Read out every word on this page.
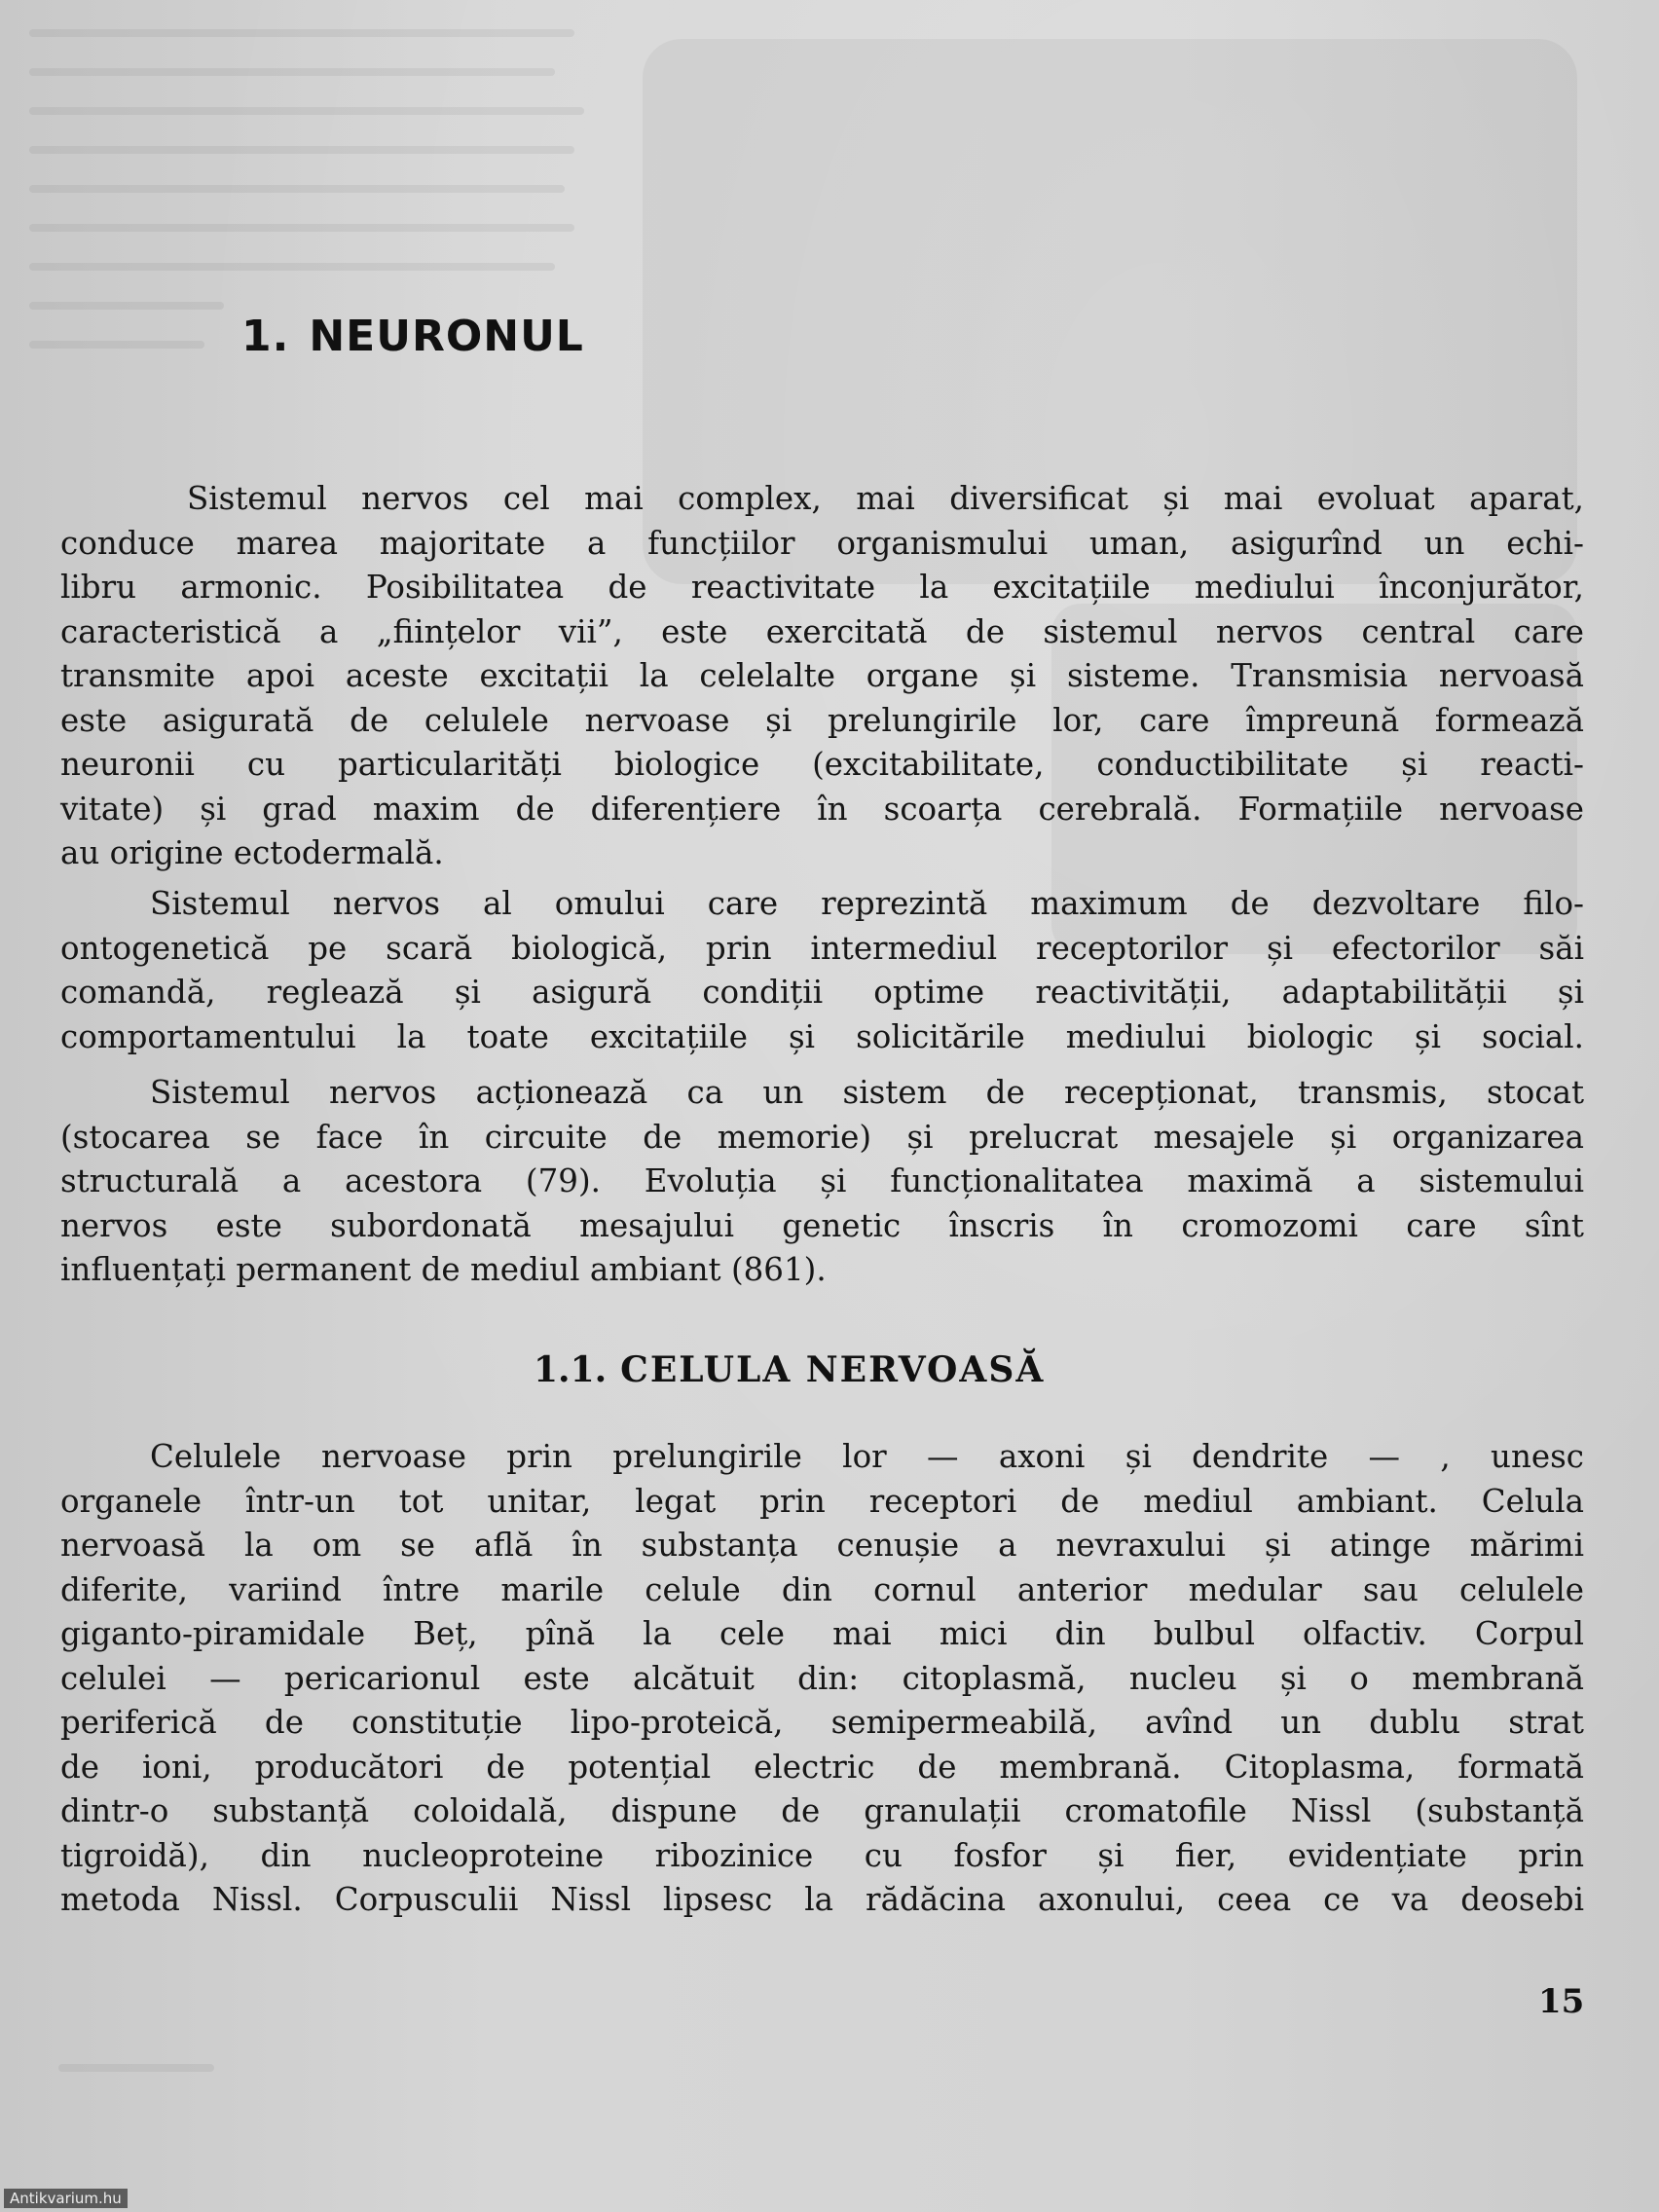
1. NEURONUL
Sistemul nervos cel mai complex, mai diversificat și mai evoluat aparat,
conduce marea majoritate a funcțiilor organismului uman, asigurînd un echi-
libru armonic. Posibilitatea de reactivitate la excitațiile mediului înconjurător,
caracteristică a „ființelor vii”, este exercitată de sistemul nervos central care
transmite apoi aceste excitații la celelalte organe și sisteme. Transmisia nervoasă
este asigurată de celulele nervoase și prelungirile lor, care împreună formează
neuronii cu particularități biologice (excitabilitate, conductibilitate și reacti-
vitate) și grad maxim de diferențiere în scoarța cerebrală. Formațiile nervoase
au origine ectodermală.
Sistemul nervos al omului care reprezintă maximum de dezvoltare filo-
ontogenetică pe scară biologică, prin intermediul receptorilor și efectorilor săi
comandă, reglează și asigură condiții optime reactivității, adaptabilității și
comportamentului la toate excitațiile și solicitările mediului biologic și social.
Sistemul nervos acționează ca un sistem de recepționat, transmis, stocat
(stocarea se face în circuite de memorie) și prelucrat mesajele și organizarea
structurală a acestora (79). Evoluția și funcționalitatea maximă a sistemului
nervos este subordonată mesajului genetic înscris în cromozomi care sînt
influențați permanent de mediul ambiant (861).
1.1. CELULA NERVOASĂ
Celulele nervoase prin prelungirile lor — axoni și dendrite — , unesc
organele într-un tot unitar, legat prin receptori de mediul ambiant. Celula
nervoasă la om se află în substanța cenușie a nevraxului și atinge mărimi
diferite, variind între marile celule din cornul anterior medular sau celulele
giganto-piramidale Beț, pînă la cele mai mici din bulbul olfactiv. Corpul
celulei — pericarionul este alcătuit din: citoplasmă, nucleu și o membrană
periferică de constituție lipo-proteică, semipermeabilă, avînd un dublu strat
de ioni, producători de potențial electric de membrană. Citoplasma, formată
dintr-o substanță coloidală, dispune de granulații cromatofile Nissl (substanță
tigroidă), din nucleoproteine ribozinice cu fosfor și fier, evidențiate prin
metoda Nissl. Corpusculii Nissl lipsesc la rădăcina axonului, ceea ce va deosebi

15

Antikvarium.hu
